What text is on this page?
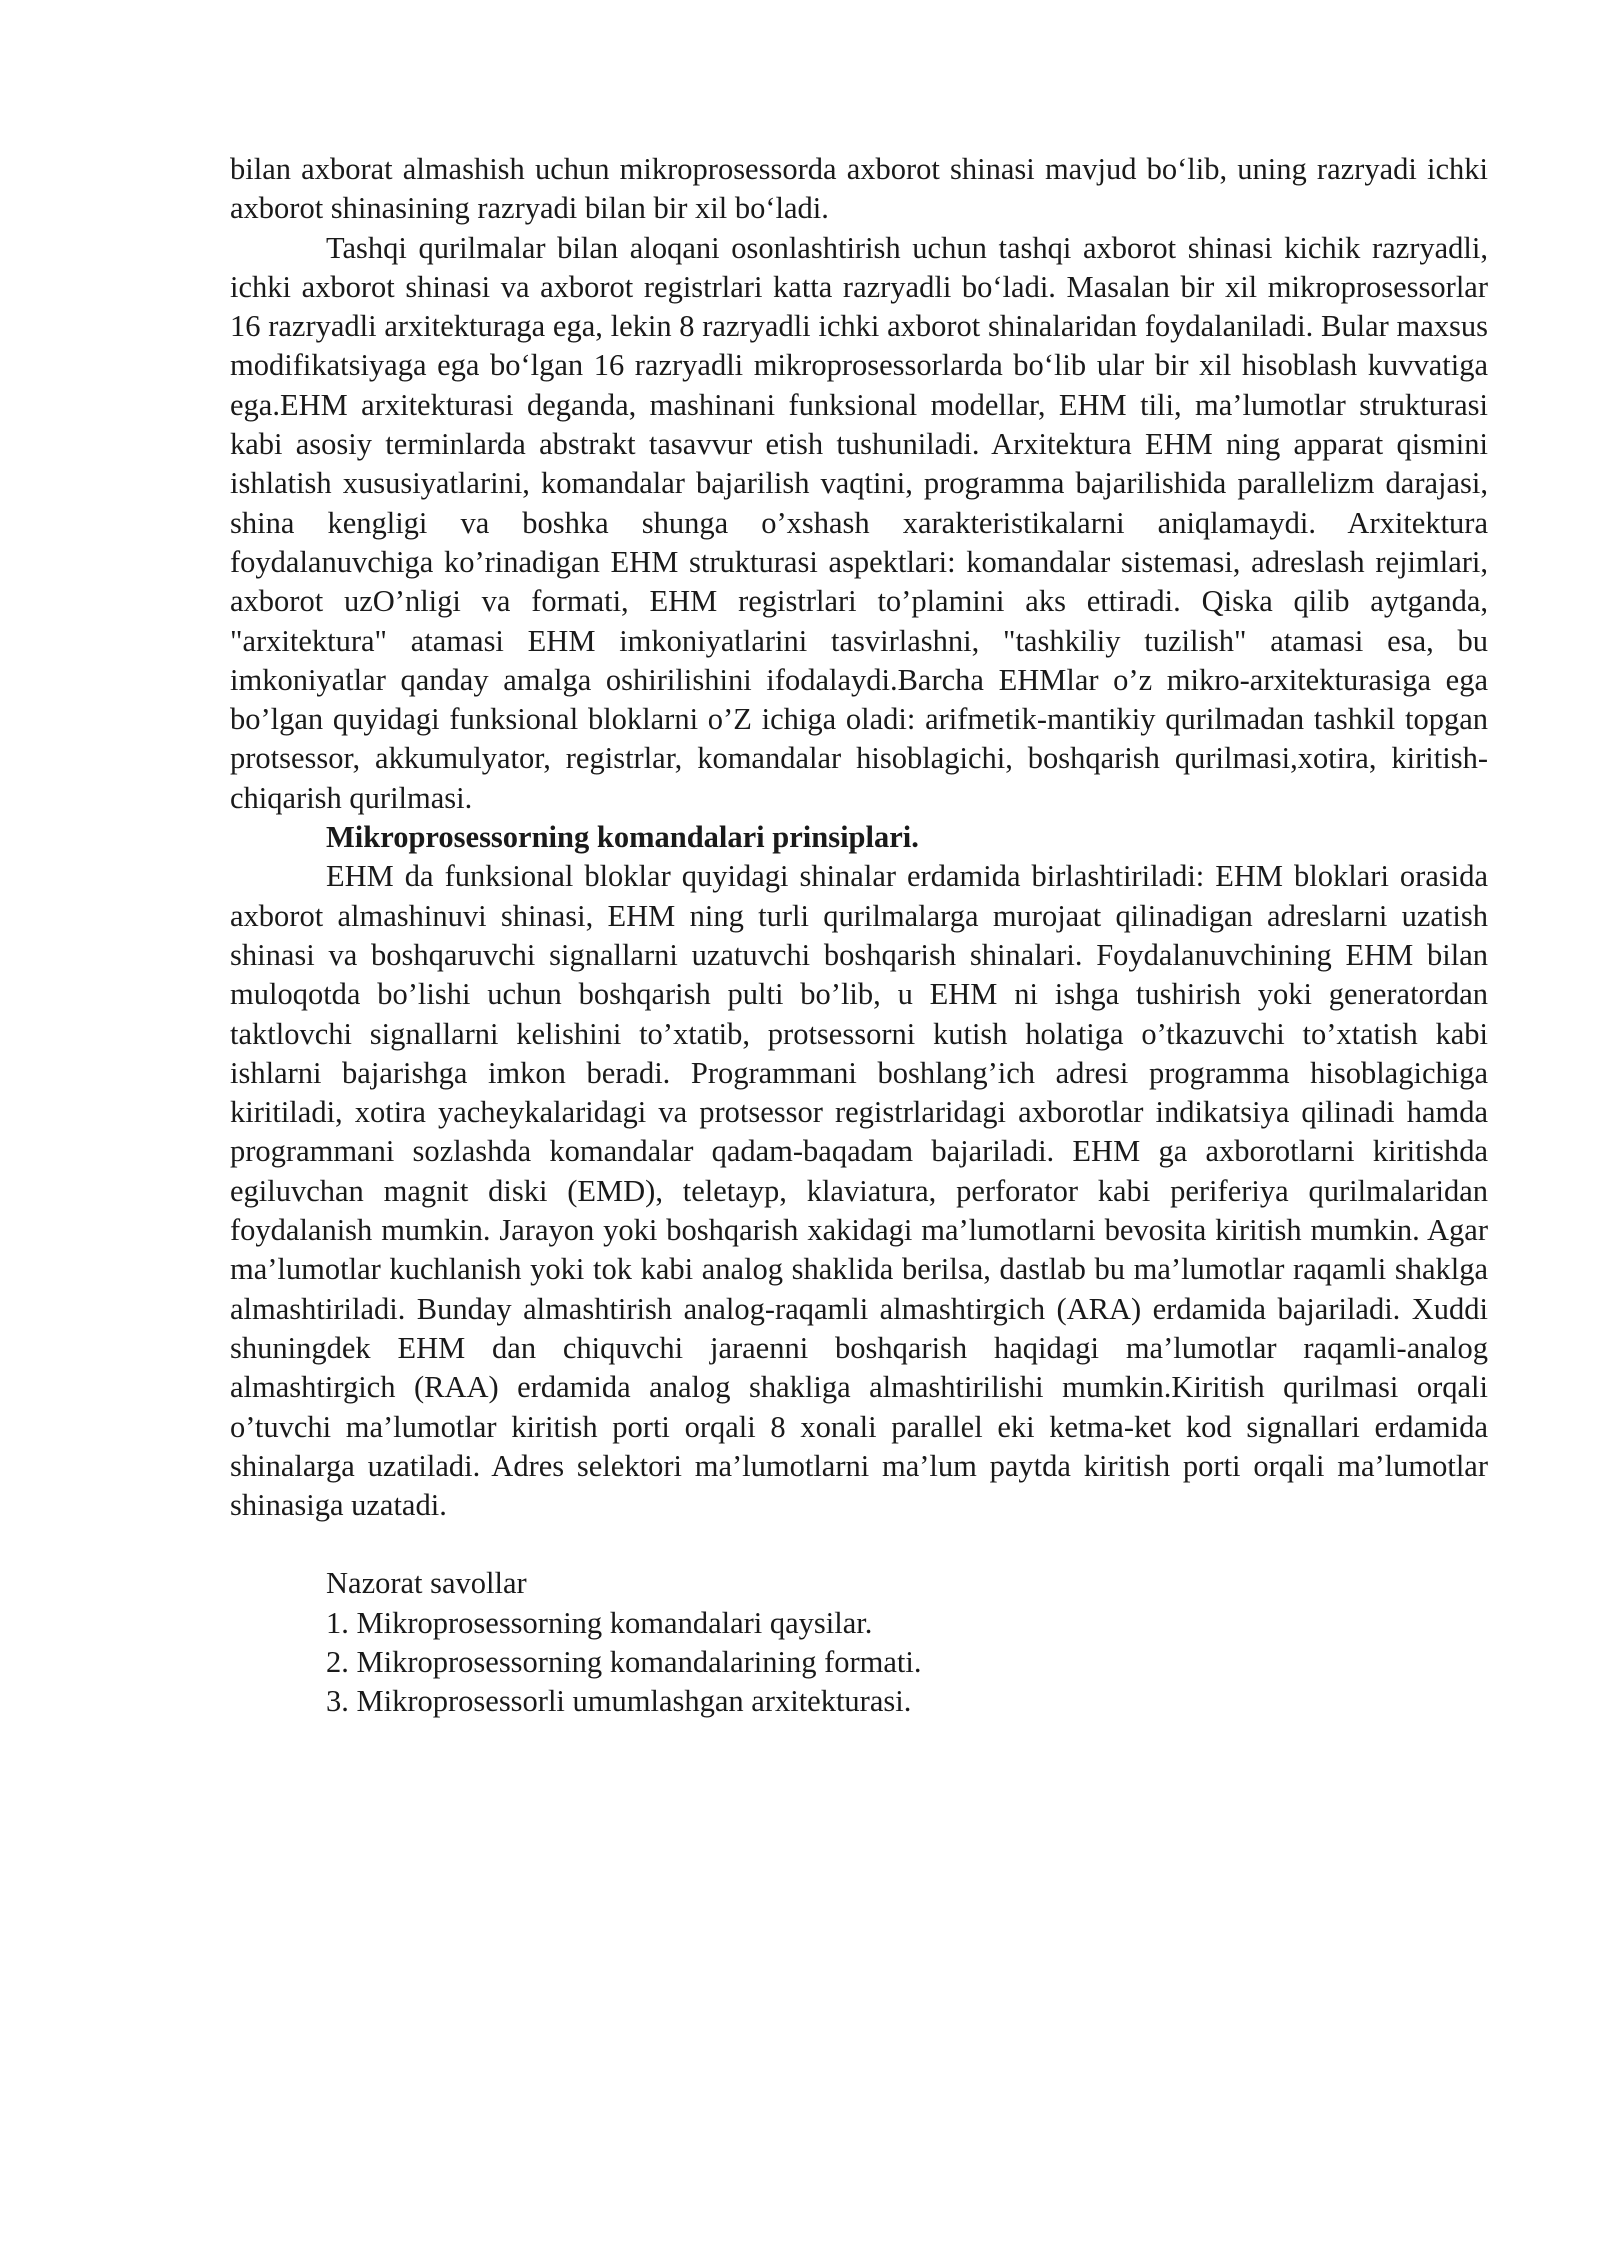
bilan axborat almashish uchun mikroprosessorda axborot shinasi mavjud bo‘lib, uning razryadi ichki axborot shinasining razryadi bilan bir xil bo‘ladi.

Tashqi qurilmalar bilan aloqani osonlashtirish uchun tashqi axborot shinasi kichik razryadli, ichki axborot shinasi va axborot registrlari katta razryadli bo‘ladi. Masalan bir xil mikroprosessorlar 16 razryadli arxitekturaga ega, lekin 8 razryadli ichki axborot shinalaridan foydalaniladi. Bular maxsus modifikatsiyaga ega bo‘lgan 16 razryadli mikroprosessorlarda bo‘lib ular bir xil hisoblash kuvvatiga ega.EHM arxitekturasi deganda, mashinani funksional modellar, EHM tili, ma’lumotlar strukturasi kabi asosiy terminlarda abstrakt tasavvur etish tushuniladi. Arxitektura EHM ning apparat qismini ishlatish xususiyatlarini, komandalar bajarilish vaqtini, programma bajarilishida parallelizm darajasi, shina kengligi va boshka shunga o’xshash xarakteristikalarni aniqlamaydi. Arxitektura foydalanuvchiga ko’rinadigan EHM strukturasi aspektlari: komandalar sistemasi, adreslash rejimlari, axborot uzO’nligi va formati, EHM registrlari to’plamini aks ettiradi. Qiska qilib aytganda, "arxitektura" atamasi EHM imkoniyatlarini tasvirlashni, "tashkiliy tuzilish" atamasi esa, bu imkoniyatlar qanday amalga oshirilishini ifodalaydi.Barcha EHMlar o’z mikro-arxitekturasiga ega bo’lgan quyidagi funksional bloklarni o’Z ichiga oladi: arifmetik-mantikiy qurilmadan tashkil topgan protsessor, akkumulyator, registrlar, komandalar hisoblagichi, boshqarish qurilmasi,xotira, kiritish-chiqarish qurilmasi.

Mikroprosessorning komandalari prinsiplari.

EHM da funksional bloklar quyidagi shinalar erdamida birlashtiriladi: EHM bloklari orasida axborot almashinuvi shinasi, EHM ning turli qurilmalarga murojaat qilinadigan adreslarni uzatish shinasi va boshqaruvchi signallarni uzatuvchi boshqarish shinalari. Foydalanuvchining EHM bilan muloqotda bo’lishi uchun boshqarish pulti bo’lib, u EHM ni ishga tushirish yoki generatordan taktlovchi signallarni kelishini to’xtatib, protsessorni kutish holatiga o’tkazuvchi to’xtatish kabi ishlarni bajarishga imkon beradi. Programmani boshlang’ich adresi programma hisoblagichiga kiritiladi, xotira yacheykalaridagi va protsessor registrlaridagi axborotlar indikatsiya qilinadi hamda programmani sozlashda komandalar qadam-baqadam bajariladi. EHM ga axborotlarni kiritishda egiluvchan magnit diski (EMD), teletayp, klaviatura, perforator kabi periferiya qurilmalaridan foydalanish mumkin. Jarayon yoki boshqarish xakidagi ma’lumotlarni bevosita kiritish mumkin. Agar ma’lumotlar kuchlanish yoki tok kabi analog shaklida berilsa, dastlab bu ma’lumotlar raqamli shaklga almashtiriladi. Bunday almashtirish analog-raqamli almashtirgich (ARA) erdamida bajariladi. Xuddi shuningdek EHM dan chiquvchi jaraenni boshqarish haqidagi ma’lumotlar raqamli-analog almashtirgich (RAA) erdamida analog shakliga almashtirilishi mumkin.Kiritish qurilmasi orqali o’tuvchi ma’lumotlar kiritish porti orqali 8 xonali parallel eki ketma-ket kod signallari erdamida shinalarga uzatiladi. Adres selektori ma’lumotlarni ma’lum paytda kiritish porti orqali ma’lumotlar shinasiga uzatadi.

Nazorat savollar
1. Mikroprosessorning komandalari qaysilar.
2. Mikroprosessorning komandalarining formati.
3. Mikroprosessorli umumlashgan arxitekturasi.
